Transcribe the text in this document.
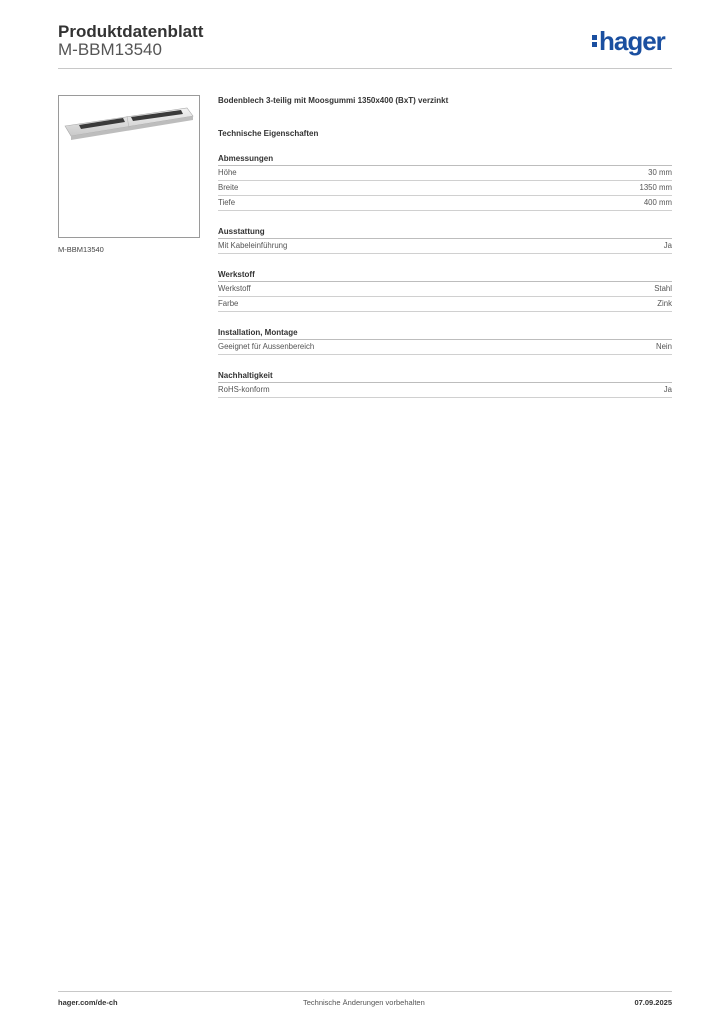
Produktdatenblatt
M-BBM13540	hager
M-BBM13540
Bodenblech 3-teilig mit Moosgummi 1350x400 (BxT) verzinkt
Technische Eigenschaften
Abmessungen
Höhe	30 mm
Breite	1350 mm
Tiefe	400 mm
Ausstattung
Mit Kabeleinführung	Ja
Werkstoff
Werkstoff	Stahl
Farbe	Zink
Installation, Montage
Geeignet für Aussenbereich	Nein
Nachhaltigkeit
RoHS-konform	Ja
hager.com/de-ch	Technische Änderungen vorbehalten	07.09.2025
